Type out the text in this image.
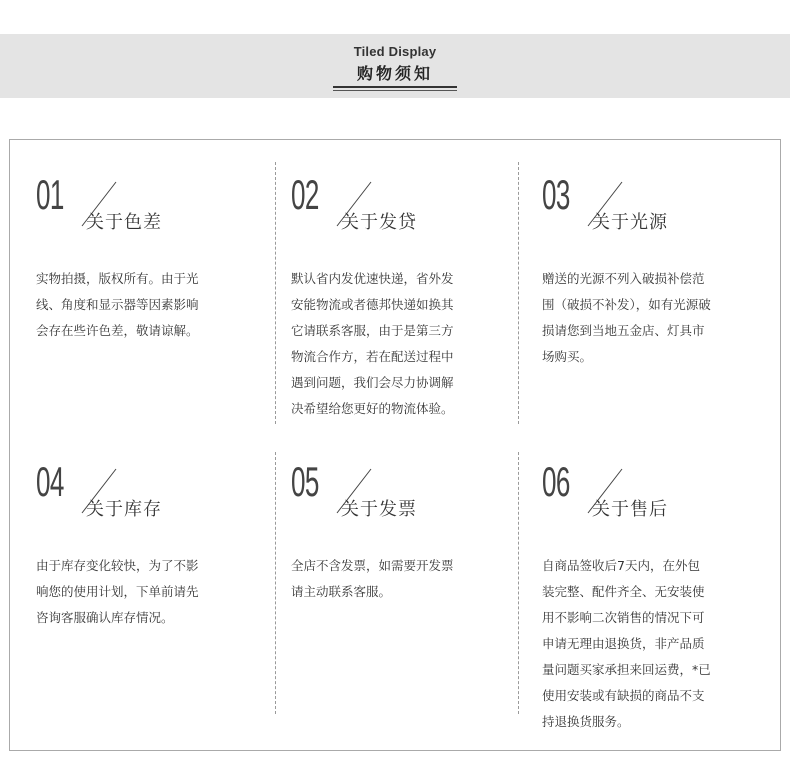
Tiled Display
购物须知
01
关于色差
实物拍摄，版权所有。由于光
线、角度和显示器等因素影响
会存在些许色差，敬请谅解。
02
关于发贷
默认省内发优速快递，省外发
安能物流或者德邦快递如换其
它请联系客服，由于是第三方
物流合作方，若在配送过程中
遇到问题，我们会尽力协调解
决希望给您更好的物流体验。
03
关于光源
赠送的光源不列入破损补偿范
围（破损不补发），如有光源破
损请您到当地五金店、灯具市
场购买。
04
关于库存
由于库存变化较快，为了不影
响您的使用计划，下单前请先
咨询客服确认库存情况。
05
关于发票
全店不含发票，如需要开发票
请主动联系客服。
06
关于售后
自商品签收后7天内，在外包
装完整、配件齐全、无安装使
用不影响二次销售的情况下可
申请无理由退换货，非产品质
量问题买家承担来回运费，*已
使用安装或有缺损的商品不支
持退换货服务。
